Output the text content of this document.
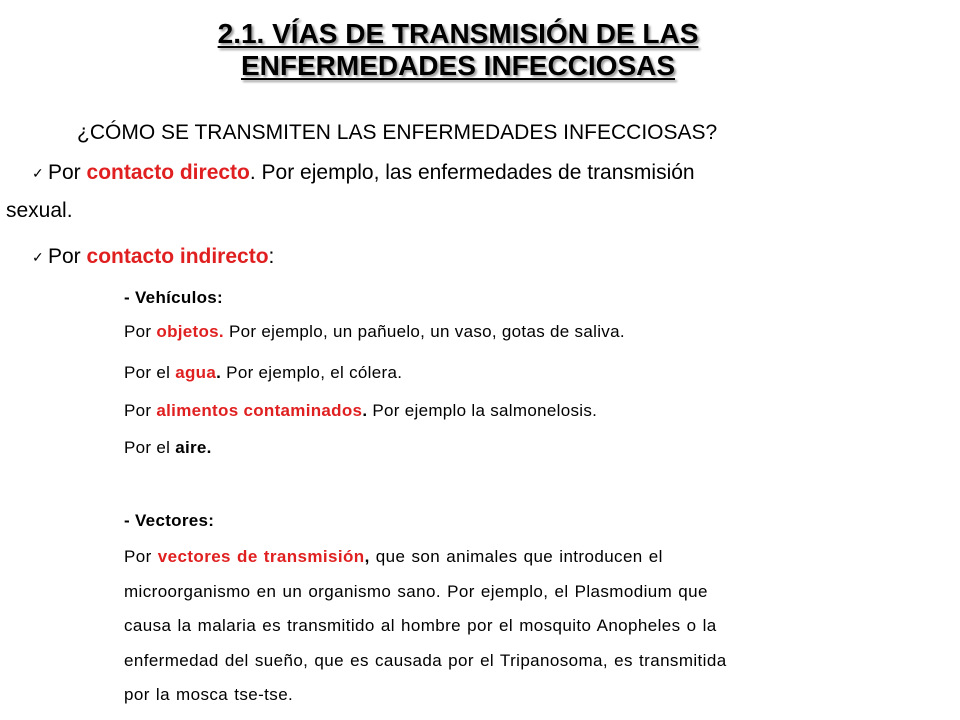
2.1. VÍAS DE TRANSMISIÓN DE LAS
ENFERMEDADES INFECCIOSAS
¿CÓMO SE TRANSMITEN LAS ENFERMEDADES INFECCIOSAS?
✓ Por contacto directo. Por ejemplo, las enfermedades de transmisión
sexual.
✓ Por contacto indirecto:
- Vehículos:
Por objetos. Por ejemplo, un pañuelo, un vaso, gotas de saliva.
Por el agua. Por ejemplo, el cólera.
Por alimentos contaminados. Por ejemplo la salmonelosis.
Por el aire.
- Vectores:
Por vectores de transmisión, que son animales que introducen el
microorganismo en un organismo sano. Por ejemplo, el Plasmodium que
causa la malaria es transmitido al hombre por el mosquito Anopheles o la
enfermedad del sueño, que es causada por el Tripanosoma, es transmitida
por la mosca tse-tse.
